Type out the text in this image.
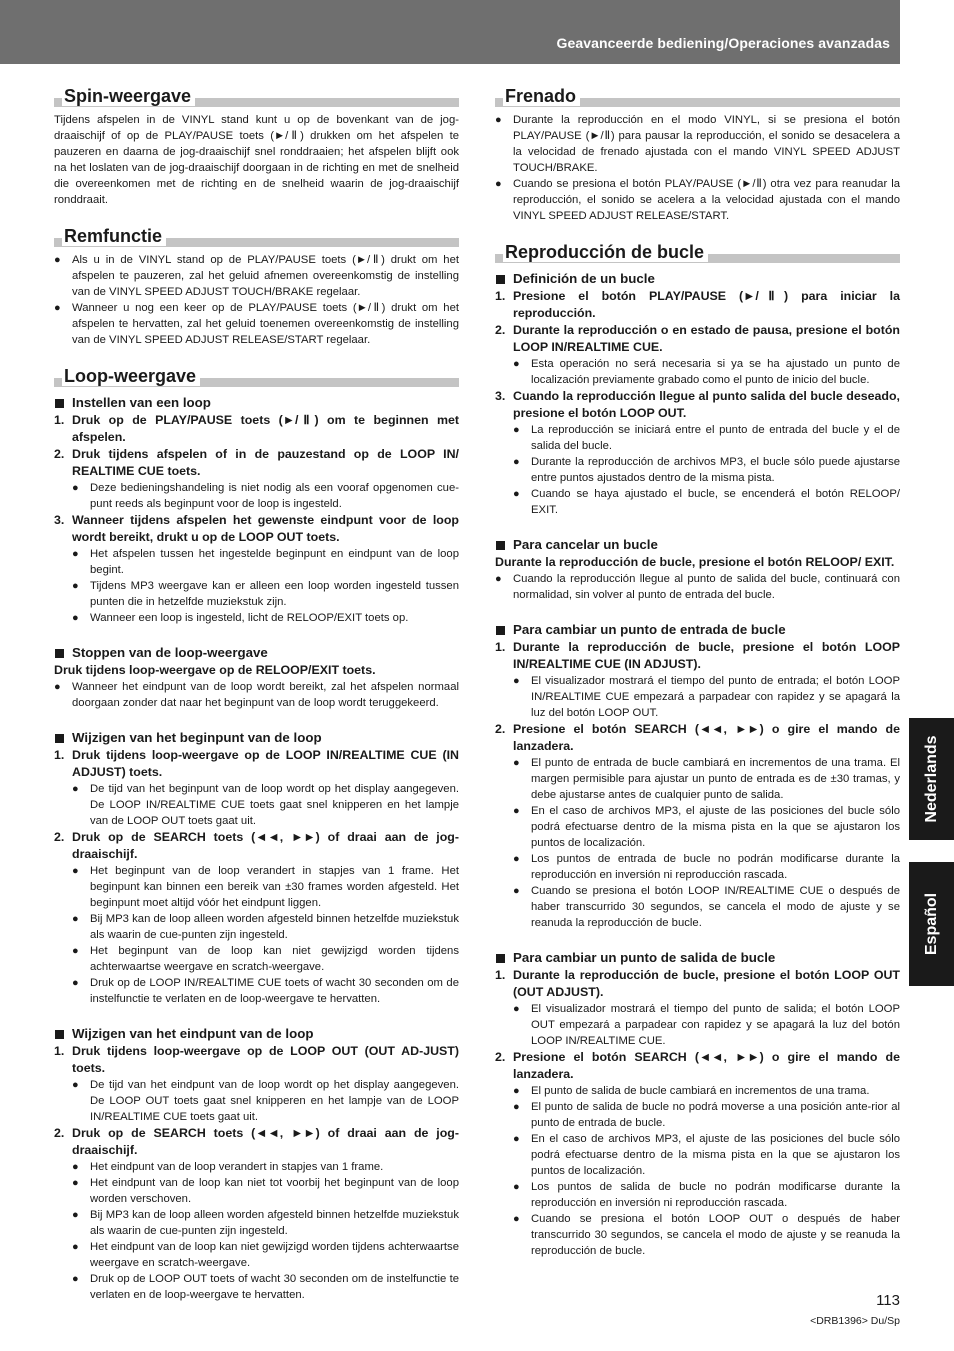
Geavanceerde bediening/Operaciones avanzadas
Spin-weergave

Tijdens afspelen in de VINYL stand kunt u op de bovenkant van de jog-draaischijf of op de PLAY/PAUSE toets (►/Ⅱ) drukken om het afspelen te pauzeren en daarna de jog-draaischijf snel ronddraaien; het afspelen blijft ook na het loslaten van de jog-draaischijf doorgaan in de richting en met de snelheid die overeenkomen met de richting en de snelheid waarin de jog-draaischijf ronddraait.

Remfunctie
● Als u in de VINYL stand op de PLAY/PAUSE toets (►/Ⅱ) drukt om het afspelen te pauzeren, zal het geluid afnemen overeenkomstig de instelling van de VINYL SPEED ADJUST TOUCH/BRAKE regelaar.
● Wanneer u nog een keer op de PLAY/PAUSE toets (►/Ⅱ) drukt om het afspelen te hervatten, zal het geluid toenemen overeenkomstig de instelling van de VINYL SPEED ADJUST RELEASE/START regelaar.
Loop-weergave
Instellen van een loop
1. Druk op de PLAY/PAUSE toets (►/Ⅱ) om te beginnen met afspelen.
2. Druk tijdens afspelen of in de pauzestand op de LOOP IN/ REALTIME CUE toets.
● Deze bedieningshandeling is niet nodig als een vooraf opgenomen cue-punt reeds als beginpunt voor de loop is ingesteld.
3. Wanneer tijdens afspelen het gewenste eindpunt voor de loop wordt bereikt, drukt u op de LOOP OUT toets.
● Het afspelen tussen het ingestelde beginpunt en eindpunt van de loop begint.
● Tijdens MP3 weergave kan er alleen een loop worden ingesteld tussen punten die in hetzelfde muziekstuk zijn.
● Wanneer een loop is ingesteld, licht de RELOOP/EXIT toets op.
Stoppen van de loop-weergave
Druk tijdens loop-weergave op de RELOOP/EXIT toets.
● Wanneer het eindpunt van de loop wordt bereikt, zal het afspelen normaal doorgaan zonder dat naar het beginpunt van de loop wordt teruggekeerd.
Wijzigen van het beginpunt van de loop
1. Druk tijdens loop-weergave op de LOOP IN/REALTIME CUE (IN ADJUST) toets.
● De tijd van het beginpunt van de loop wordt op het display aangegeven. De LOOP IN/REALTIME CUE toets gaat snel knipperen en het lampje van de LOOP OUT toets gaat uit.
2. Druk op de SEARCH toets (◄◄, ►►) of draai aan de jog-draaischijf.
● Het beginpunt van de loop verandert in stapjes van 1 frame. Het beginpunt kan binnen een bereik van ±30 frames worden afgesteld. Het beginpunt moet altijd vóór het eindpunt liggen.
● Bij MP3 kan de loop alleen worden afgesteld binnen hetzelfde muziekstuk als waarin de cue-punten zijn ingesteld.
● Het beginpunt van de loop kan niet gewijzigd worden tijdens achterwaartse weergave en scratch-weergave.
● Druk op de LOOP IN/REALTIME CUE toets of wacht 30 seconden om de instelfunctie te verlaten en de loop-weergave te hervatten.
Wijzigen van het eindpunt van de loop
1. Druk tijdens loop-weergave op de LOOP OUT (OUT AD-JUST) toets.
● De tijd van het eindpunt van de loop wordt op het display aangegeven. De LOOP OUT toets gaat snel knipperen en het lampje van de LOOP IN/REALTIME CUE toets gaat uit.
2. Druk op de SEARCH toets (◄◄, ►►) of draai aan de jog-draaischijf.
● Het eindpunt van de loop verandert in stapjes van 1 frame.
● Het eindpunt van de loop kan niet tot voorbij het beginpunt van de loop worden verschoven.
● Bij MP3 kan de loop alleen worden afgesteld binnen hetzelfde muziekstuk als waarin de cue-punten zijn ingesteld.
● Het eindpunt van de loop kan niet gewijzigd worden tijdens achterwaartse weergave en scratch-weergave.
● Druk op de LOOP OUT toets of wacht 30 seconden om de instelfunctie te verlaten en de loop-weergave te hervatten.
Frenado
● Durante la reproducción en el modo VINYL, si se presiona el botón PLAY/PAUSE (►/Ⅱ) para pausar la reproducción, el sonido se desacelera a la velocidad de frenado ajustada con el mando VINYL SPEED ADJUST TOUCH/BRAKE.
● Cuando se presiona el botón PLAY/PAUSE (►/Ⅱ) otra vez para reanudar la reproducción, el sonido se acelera a la velocidad ajustada con el mando VINYL SPEED ADJUST RELEASE/START.
Reproducción de bucle
Definición de un bucle
1. Presione el botón PLAY/PAUSE (►/Ⅱ) para iniciar la reproducción.
2. Durante la reproducción o en estado de pausa, presione el botón LOOP IN/REALTIME CUE.
● Esta operación no será necesaria si ya se ha ajustado un punto de localización previamente grabado como el punto de inicio del bucle.
3. Cuando la reproducción llegue al punto salida del bucle deseado, presione el botón LOOP OUT.
● La reproducción se iniciará entre el punto de entrada del bucle y el de salida del bucle.
● Durante la reproducción de archivos MP3, el bucle sólo puede ajustarse entre puntos ajustados dentro de la misma pista.
● Cuando se haya ajustado el bucle, se encenderá el botón RELOOP/ EXIT.
Para cancelar un bucle
Durante la reproducción de bucle, presione el botón RELOOP/ EXIT.
● Cuando la reproducción llegue al punto de salida del bucle, continuará con normalidad, sin volver al punto de entrada del bucle.
Para cambiar un punto de entrada de bucle
1. Durante la reproducción de bucle, presione el botón LOOP IN/REALTIME CUE (IN ADJUST).
● El visualizador mostrará el tiempo del punto de entrada; el botón LOOP IN/REALTIME CUE empezará a parpadear con rapidez y se apagará la luz del botón LOOP OUT.
2. Presione el botón SEARCH (◄◄, ►►) o gire el mando de lanzadera.
● El punto de entrada de bucle cambiará en incrementos de una trama. El margen permisible para ajustar un punto de entrada es de ±30 tramas, y debe ajustarse antes de cualquier punto de salida.
● En el caso de archivos MP3, el ajuste de las posiciones del bucle sólo podrá efectuarse dentro de la misma pista en la que se ajustaron los puntos de localización.
● Los puntos de entrada de bucle no podrán modificarse durante la reproducción en inversión ni reproducción rascada.
● Cuando se presiona el botón LOOP IN/REALTIME CUE o después de haber transcurrido 30 segundos, se cancela el modo de ajuste y se reanuda la reproducción de bucle.
Para cambiar un punto de salida de bucle
1. Durante la reproducción de bucle, presione el botón LOOP OUT (OUT ADJUST).
● El visualizador mostrará el tiempo del punto de salida; el botón LOOP OUT empezará a parpadear con rapidez y se apagará la luz del botón LOOP IN/REALTIME CUE.
2. Presione el botón SEARCH (◄◄, ►►) o gire el mando de lanzadera.
● El punto de salida de bucle cambiará en incrementos de una trama.
● El punto de salida de bucle no podrá moverse a una posición ante-rior al punto de entrada de bucle.
● En el caso de archivos MP3, el ajuste de las posiciones del bucle sólo podrá efectuarse dentro de la misma pista en la que se ajustaron los puntos de localización.
● Los puntos de salida de bucle no podrán modificarse durante la reproducción en inversión ni reproducción rascada.
● Cuando se presiona el botón LOOP OUT o después de haber transcurrido 30 segundos, se cancela el modo de ajuste y se reanuda la reproducción de bucle.
Nederlands
Español
113
<DRB1396> Du/Sp
